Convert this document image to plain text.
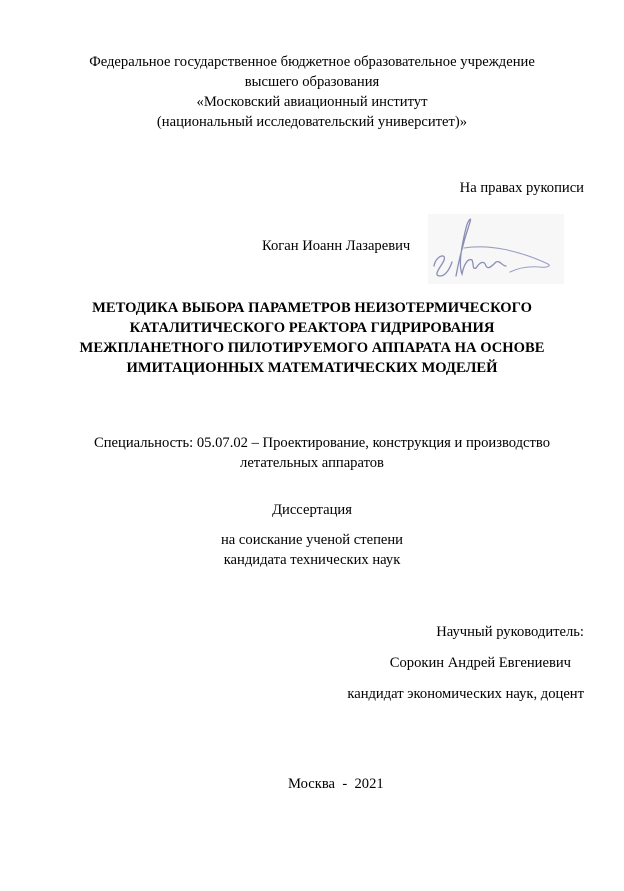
Федеральное государственное бюджетное образовательное учреждение
высшего образования
«Московский авиационный институт
(национальный исследовательский университет)»
На правах рукописи
Коган Иоанн Лазаревич
МЕТОДИКА ВЫБОРА ПАРАМЕТРОВ НЕИЗОТЕРМИЧЕСКОГО
КАТАЛИТИЧЕСКОГО РЕАКТОРА ГИДРИРОВАНИЯ
МЕЖПЛАНЕТНОГО ПИЛОТИРУЕМОГО АППАРАТА НА ОСНОВЕ
ИМИТАЦИОННЫХ МАТЕМАТИЧЕСКИХ МОДЕЛЕЙ
Специальность: 05.07.02 – Проектирование, конструкция и производство
летательных аппаратов
Диссертация
на соискание ученой степени
кандидата технических наук
Научный руководитель:
Сорокин Андрей Евгениевич
кандидат экономических наук, доцент
Москва  -  2021
